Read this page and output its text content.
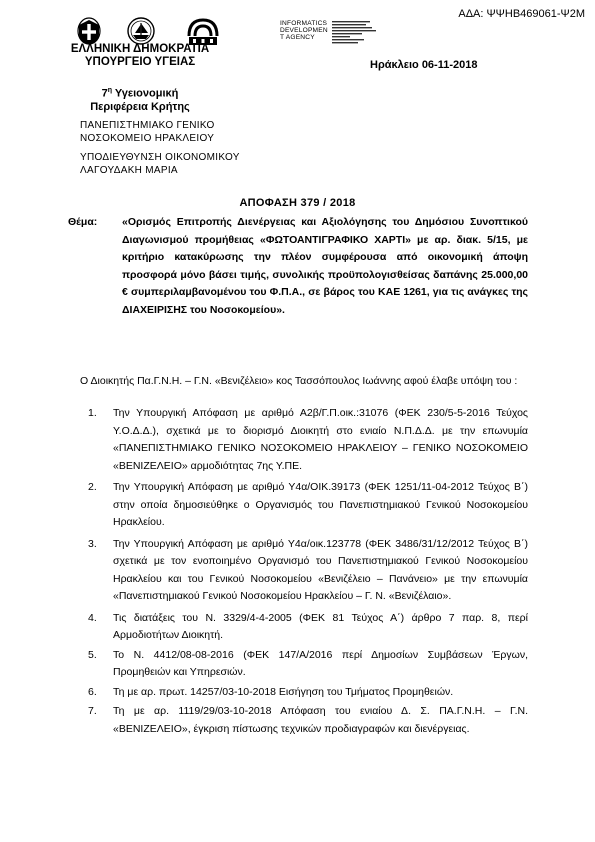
ΑΔΑ: ΨΨΗΒ469061-Ψ2Μ
ΕΛΛΗΝΙΚΗ ΔΗΜΟΚΡΑΤΙΑ
ΥΠΟΥΡΓΕΙΟ ΥΓΕΙΑΣ
$7^\eta$ Υγειονομική
Περιφέρεια Κρήτης
ΠΑΝΕΠΙΣΤΗΜΙΑΚΟ ΓΕΝΙΚΟ
ΝΟΣΟΚΟΜΕΙΟ ΗΡΑΚΛΕΙΟΥ
ΥΠΟΔΙΕΥΘΥΝΣΗ ΟΙΚΟΝΟΜΙΚΟΥ
ΛΑΓΟΥΔΑΚΗ ΜΑΡΙΑ
INFORMATICS
DEVELOPMEN
T AGENCY
Ηράκλειο 06-11-2018
ΑΠΟΦΑΣΗ 379 / 2018
Θέμα: «Ορισμός Επιτροπής Διενέργειας και Αξιολόγησης του Δημόσιου Συνοπτικού Διαγωνισμού προμήθειας «ΦΩΤΟΑΝΤΙΓΡΑΦΙΚΟ ΧΑΡΤΙ» με αρ. διακ. 5/15, με κριτήριο κατακύρωσης την πλέον συμφέρουσα από οικονομική άποψη προσφορά μόνο βάσει τιμής, συνολικής προϋπολογισθείσας δαπάνης 25.000,00 € συμπεριλαμβανομένου του Φ.Π.Α., σε βάρος του ΚΑΕ 1261, για τις ανάγκες της ΔΙΑΧΕΙΡΙΣΗΣ του Νοσοκομείου».
Ο Διοικητής Πα.Γ.Ν.Η. – Γ.Ν. «Βενιζέλειο» κος Τασσόπουλος Ιωάννης αφού έλαβε υπόψη του :
1. Την Υπουργική Απόφαση με αριθμό Α2β/Γ.Π.οικ.:31076 (ΦΕΚ 230/5-5-2016 Τεύχος Υ.Ο.Δ.Δ.), σχετικά με το διορισμό Διοικητή στο ενιαίο Ν.Π.Δ.Δ. με την επωνυμία «ΠΑΝΕΠΙΣΤΗΜΙΑΚΟ ΓΕΝΙΚΟ ΝΟΣΟΚΟΜΕΙΟ ΗΡΑΚΛΕΙΟΥ – ΓΕΝΙΚΟ ΝΟΣΟΚΟΜΕΙΟ «ΒΕΝΙΖΕΛΕΙΟ» αρμοδιότητας 7ης Υ.ΠΕ.
2. Την Υπουργική Απόφαση με αριθμό Υ4α/ΟΙΚ.39173 (ΦΕΚ 1251/11-04-2012 Τεύχος Β΄) στην οποία δημοσιεύθηκε ο Οργανισμός του Πανεπιστημιακού Γενικού Νοσοκομείου Ηρακλείου.
3. Την Υπουργική Απόφαση με αριθμό Υ4α/οικ.123778 (ΦΕΚ 3486/31/12/2012 Τεύχος Β΄) σχετικά με τον ενοποιημένο Οργανισμό του Πανεπιστημιακού Γενικού Νοσοκομείου Ηρακλείου και του Γενικού Νοσοκομείου «Βενιζέλειο – Πανάνειο» με την επωνυμία «Πανεπιστημιακού Γενικού Νοσοκομείου Ηρακλείου – Γ. Ν. «Βενιζέλαιο».
4. Τις διατάξεις του Ν. 3329/4-4-2005 (ΦΕΚ 81 Τεύχος Α΄) άρθρο 7 παρ. 8, περί Αρμοδιοτήτων Διοικητή.
5. Το Ν. 4412/08-08-2016 (ΦΕΚ 147/Α/2016 περί Δημοσίων Συμβάσεων Έργων, Προμηθειών και Υπηρεσιών.
6. Τη με αρ. πρωτ. 14257/03-10-2018 Εισήγηση του Τμήματος Προμηθειών.
7. Τη με αρ. 1119/29/03-10-2018 Απόφαση του ενιαίου Δ. Σ. ΠΑ.Γ.Ν.Η. – Γ.Ν. «ΒΕΝΙΖΕΛΕΙΟ», έγκριση πίστωσης τεχνικών προδιαγραφών και διενέργειας.
